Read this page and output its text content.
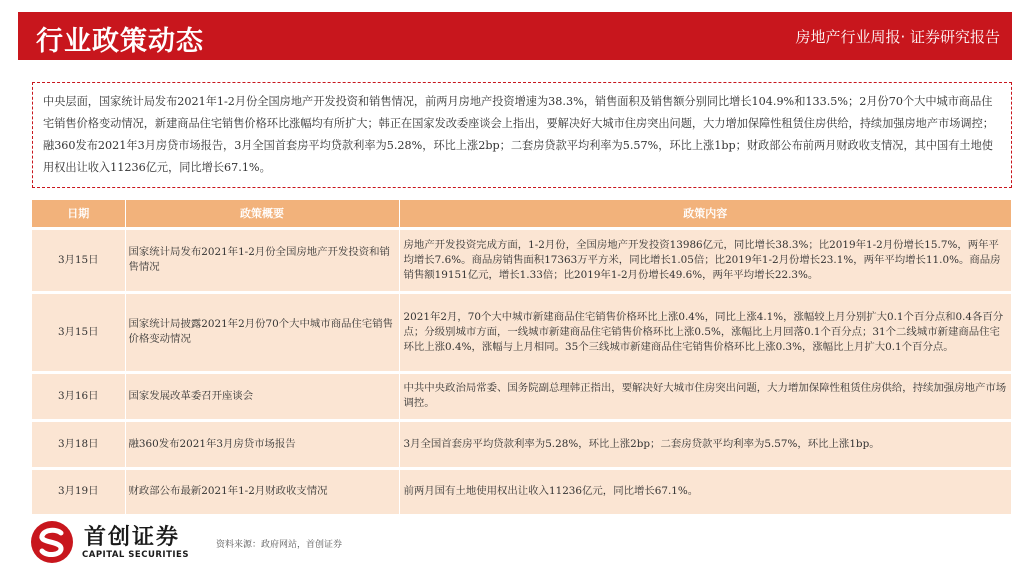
行业政策动态	房地产行业周报· 证券研究报告
中央层面，国家统计局发布2021年1-2月份全国房地产开发投资和销售情况，前两月房地产投资增速为38.3%，销售面积及销售额分别同比增长104.9%和133.5%；2月份70个大中城市商品住宅销售价格变动情况，新建商品住宅销售价格环比涨幅均有所扩大；韩正在国家发改委座谈会上指出，要解决好大城市住房突出问题，大力增加保障性租赁住房供给，持续加强房地产市场调控；融360发布2021年3月房贷市场报告，3月全国首套房平均贷款利率为5.28%，环比上涨2bp；二套房贷款平均利率为5.57%，环比上涨1bp；财政部公布前两月财政收支情况，其中国有土地使用权出让收入11236亿元，同比增长67.1%。
日期	政策概要	政策内容
3月15日	国家统计局发布2021年1-2月份全国房地产开发投资和销售情况	房地产开发投资完成方面，1-2月份，全国房地产开发投资13986亿元，同比增长38.3%；比2019年1-2月份增长15.7%，两年平均增长7.6%。商品房销售面积17363万平方米，同比增长1.05倍；比2019年1-2月份增长23.1%，两年平均增长11.0%。商品房销售额19151亿元，增长1.33倍；比2019年1-2月份增长49.6%，两年平均增长22.3%。
3月15日	国家统计局披露2021年2月份70个大中城市商品住宅销售价格变动情况	2021年2月，70个大中城市新建商品住宅销售价格环比上涨0.4%，同比上涨4.1%，涨幅较上月分别扩大0.1个百分点和0.4各百分点；分级别城市方面，一线城市新建商品住宅销售价格环比上涨0.5%，涨幅比上月回落0.1个百分点；31个二线城市新建商品住宅环比上涨0.4%，涨幅与上月相同。35个三线城市新建商品住宅销售价格环比上涨0.3%，涨幅比上月扩大0.1个百分点。
3月16日	国家发展改革委召开座谈会	中共中央政治局常委、国务院副总理韩正指出，要解决好大城市住房突出问题，大力增加保障性租赁住房供给，持续加强房地产市场调控。
3月18日	融360发布2021年3月房贷市场报告	3月全国首套房平均贷款利率为5.28%，环比上涨2bp；二套房贷款平均利率为5.57%，环比上涨1bp。
3月19日	财政部公布最新2021年1-2月财政收支情况	前两月国有土地使用权出让收入11236亿元，同比增长67.1%。
首创证券
CAPITAL SECURITIES
资料来源：政府网站，首创证券
